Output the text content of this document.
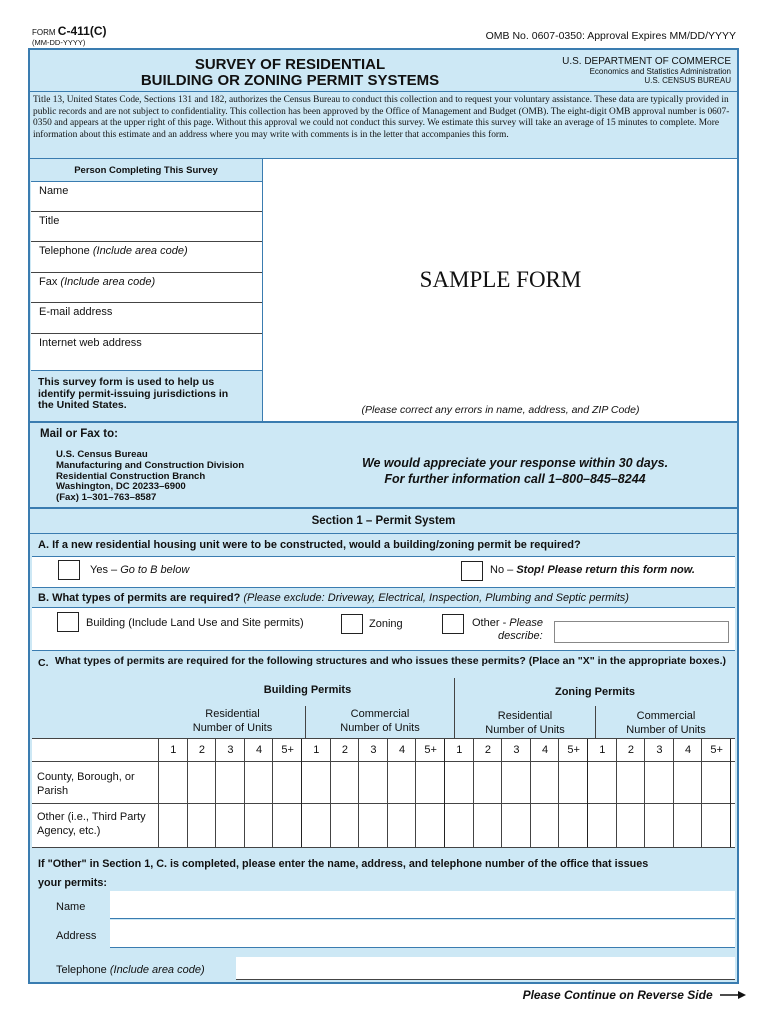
FORM C-411(C)
(MM-DD-YYYY)
OMB No. 0607-0350: Approval Expires MM/DD/YYYY
SURVEY OF RESIDENTIAL
BUILDING OR ZONING PERMIT SYSTEMS
U.S. DEPARTMENT OF COMMERCE
Economics and Statistics Administration
U.S. CENSUS BUREAU
Title 13, United States Code, Sections 131 and 182, authorizes the Census Bureau to conduct this collection and to request your voluntary assistance. These data are typically provided in public records and are not subject to confidentiality. This collection has been approved by the Office of Management and Budget (OMB). The eight-digit OMB approval number is 0607-0350 and appears at the upper right of this page. Without this approval we could not conduct this survey. We estimate this survey will take an average of 15 minutes to complete. More information about this estimate and an address where you may write with comments is in the letter that accompanies this form.
SAMPLE FORM
(Please correct any errors in name, address, and ZIP Code)
Person Completing This Survey
Name
Title
Telephone (Include area code)
Fax (Include area code)
E-mail address
Internet web address
This survey form is used to help us identify permit-issuing jurisdictions in the United States.
Mail or Fax to:
U.S. Census Bureau
Manufacturing and Construction Division
Residential Construction Branch
Washington, DC 20233–6900
(Fax) 1–301–763–8587
We would appreciate your response within 30 days.
For further information call 1–800–845–8244
Section 1 – Permit System
A. If a new residential housing unit were to be constructed, would a building/zoning permit be required?
Yes – Go to B below	No – Stop! Please return this form now.
B. What types of permits are required? (Please exclude: Driveway, Electrical, Inspection, Plumbing and Septic permits)
Building (Include Land Use and Site permits)	Zoning	Other - Please
describe:
C. What types of permits are required for the following structures and who issues these permits? (Place an "X" in the appropriate boxes.)
Building Permits	Zoning Permits
Residential
Number of Units
Commercial
Number of Units
Residential
Number of Units
Commercial
Number of Units
1	2	3	4	5+	1	2	3	4	5+	1	2	3	4	5+	1	2	3	4	5+
County, Borough, or
Parish
Other (i.e., Third Party
Agency, etc.)
If "Other" in Section 1, C. is completed, please enter the name, address, and telephone number of the office that issues
your permits:
Name
Address
Telephone (Include area code)
Please Continue on Reverse Side
